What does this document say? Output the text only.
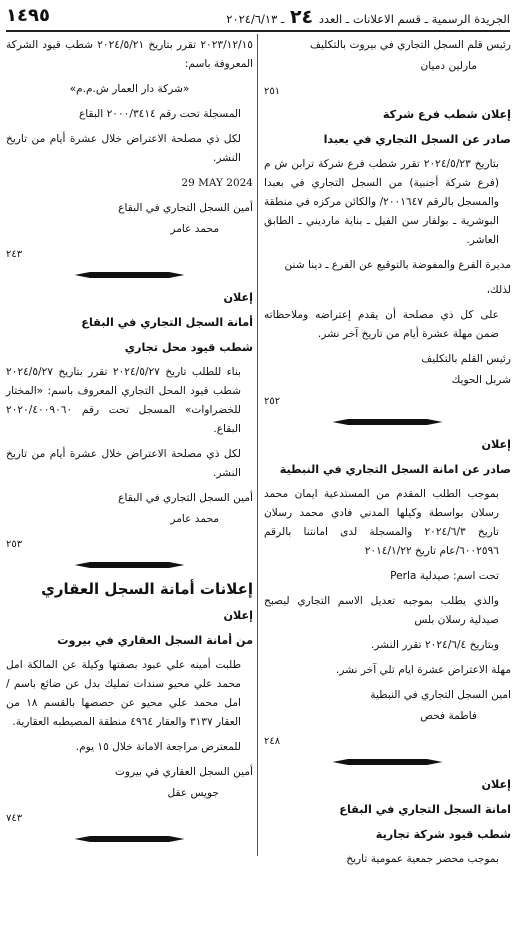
الجريدة الرسمية ـ قسم الاعلانات ـ العدد ٢٤ ـ ٢٠٢٤/٦/١٣
١٤٩٥

رئيس قلم السجل التجاري في بيروت بالتكليف

مارلين دميان

٢٥١

إعلان شطب فرع شركة

صادر عن السجل التجاري في بعبدا

بتاريخ ٢٠٢٤/٥/٢٣ تقرر شطب فرع شركة ترابن ش م (فرع شركة أجنبية) من السجل التجاري في بعبدا والمسجل بالرقم ٢٠٠١٦٤٧/ والكائن مركزه في منطقة البوشرية ـ بولفار سن الفيل ـ بناية مارديني ـ الطابق العاشر.

مديرة الفرع والمفوضة بالتوقيع عن الفرع ـ دينا شنن

لذلك،

على كل ذي مصلحة أن يقدم إعتراضه وملاحظاته ضمن مهلة عشرة أيام من تاريخ آخر نشر.

رئيس القلم بالتكليف

شربل الحويك

٢٥٢

إعلان

صادر عن امانة السجل التجاري في النبطية

بموجب الطلب المقدم من المستدعية ايمان محمد رسلان بواسطة وكيلها المدني فادي محمد رسلان تاريخ ٢٠٢٤/٦/٣ والمسجلة لدى امانتنا بالرقم ٦٠٠٢٥٩٦/عام تاريخ ٢٠١٤/١/٢٢

تحت اسم: صيدلية Perla

والذي يطلب بموجبه تعديل الاسم التجاري ليصبح صيدلية رسلان بلس

وبتاريخ ٢٠٢٤/٦/٤ تقرر النشر.

مهلة الاعتراض عشرة ايام تلي آخر نشر.

امين السجل التجاري في النبطية

فاطمة فحص

٢٤٨

إعلان

امانة السجل التجاري في البقاع

شطب قيود شركة تجارية

بموجب محضر جمعية عمومية تاريخ

٢٠٢٣/١٢/١٥ تقرر بتاريخ ٢٠٢٤/٥/٢١ شطب قيود الشركة المعروفة باسم:

«شركة دار العمار ش.م.م»

المسجلة تحت رقم ٢٠٠٠/٣٤١٤ البقاع

لكل ذي مصلحة الاعتراض خلال عشرة أيام من تاريخ النشر.

29 MAY 2024

أمين السجل التجاري في البقاع

محمد عامر

٢٤٣

إعلان

أمانة السجل التجاري في البقاع

شطب قيود محل تجاري

بناء للطلب تاريخ ٢٠٢٤/٥/٢٧ تقرر بتاريخ ٢٠٢٤/٥/٢٧ شطب قيود المحل التجاري المعروف باسم: «المختار للخضراوات» المسجل تحت رقم ٢٠٢٠/٤٠٠٩٠٦٠ البقاع.

لكل ذي مصلحة الاعتراض خلال عشرة أيام من تاريخ النشر.

أمين السجل التجاري في البقاع

محمد عامر

٢٥٣

إعلانات أمانة السجل العقاري

إعلان

من أمانة السجل العقاري في بيروت

طلبت أمينه علي عبود بصفتها وكيلة عن المالكة امل محمد علي محيو سندات تمليك بدل عن ضائع باسم / امل محمد علي محيو عن حصصها بالقسم ١٨ من العقار ٣١٣٧ والعقار ٤٩٦٤ منطقة المصيطبه العقارية.

للمعترض مراجعة الامانة خلال ١٥ يوم.

أمين السجل العقاري في بيروت

جويس عقل

٧٤٣
